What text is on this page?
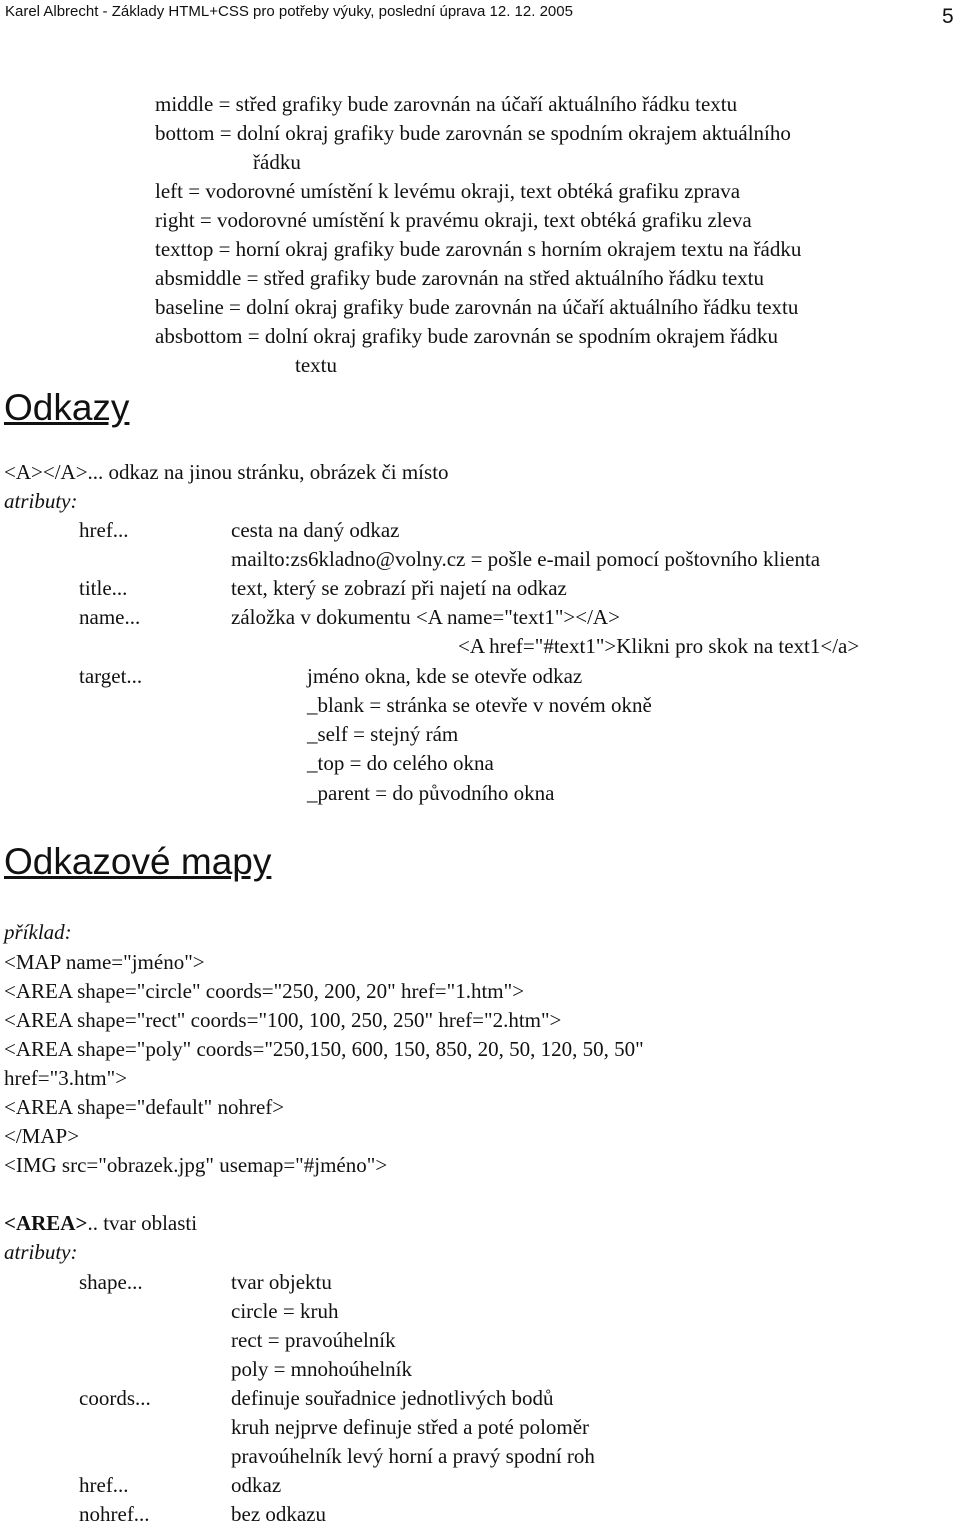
Karel Albrecht - Základy HTML+CSS pro potřeby výuky, poslední úprava 12. 12. 2005	5
middle = střed grafiky bude zarovnán na účaří aktuálního řádku textu
bottom = dolní okraj grafiky bude zarovnán se spodním okrajem aktuálního
řádku
left = vodorovné umístění k levému okraji, text obtéká grafiku zprava
right = vodorovné umístění k pravému okraji, text obtéká grafiku zleva
texttop = horní okraj grafiky bude zarovnán s horním okrajem textu na řádku
absmiddle = střed grafiky bude zarovnán na střed aktuálního řádku textu
baseline = dolní okraj grafiky bude zarovnán na účaří aktuálního řádku textu
absbottom = dolní okraj grafiky bude zarovnán se spodním okrajem řádku
textu
Odkazy
<A></A>... odkaz na jinou stránku, obrázek či místo
atributy:
href...	cesta na daný odkaz
mailto:zs6kladno@volny.cz = pošle e-mail pomocí poštovního klienta
title...	text, který se zobrazí při najetí na odkaz
name...	záložka v dokumentu <A name="text1"></A>
<A href="#text1">Klikni pro skok na text1</a>
target...	jméno okna, kde se otevře odkaz
_blank = stránka se otevře v novém okně
_self = stejný rám
_top = do celého okna
_parent = do původního okna
Odkazové mapy
příklad:
<MAP name="jméno">
<AREA shape="circle" coords="250, 200, 20" href="1.htm">
<AREA shape="rect" coords="100, 100, 250, 250" href="2.htm">
<AREA shape="poly" coords="250,150, 600, 150, 850, 20, 50, 120, 50, 50"
href="3.htm">
<AREA shape="default" nohref>
</MAP>
<IMG src="obrazek.jpg" usemap="#jméno">
<AREA>.. tvar oblasti
atributy:
shape...	tvar objektu
circle = kruh
rect = pravoúhelník
poly = mnohoúhelník
coords...	definuje souřadnice jednotlivých bodů
kruh nejprve definuje střed a poté poloměr
pravoúhelník levý horní a pravý spodní roh
href...	odkaz
nohref...	bez odkazu
